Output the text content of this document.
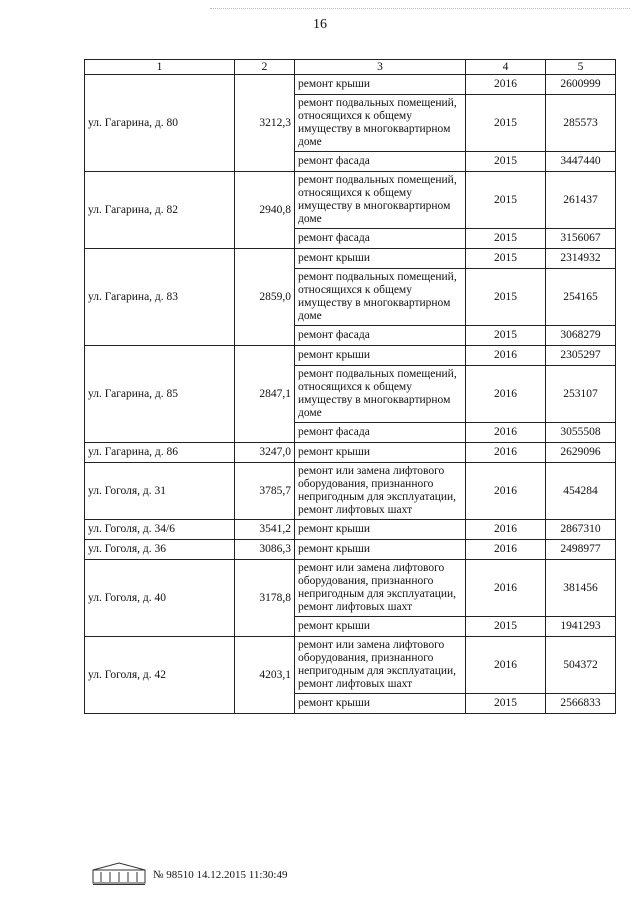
16
1	2	3	4	5
ул. Гагарина, д. 80	3212,3	ремонт крыши	2016	2600999
		ремонт подвальных помещений, относящихся к общему имуществу в многоквартирном доме	2015	285573
		ремонт фасада	2015	3447440
ул. Гагарина, д. 82	2940,8	ремонт подвальных помещений, относящихся к общему имуществу в многоквартирном доме	2015	261437
		ремонт фасада	2015	3156067
ул. Гагарина, д. 83	2859,0	ремонт крыши	2015	2314932
		ремонт подвальных помещений, относящихся к общему имуществу в многоквартирном доме	2015	254165
		ремонт фасада	2015	3068279
ул. Гагарина, д. 85	2847,1	ремонт крыши	2016	2305297
		ремонт подвальных помещений, относящихся к общему имуществу в многоквартирном доме	2016	253107
		ремонт фасада	2016	3055508
ул. Гагарина, д. 86	3247,0	ремонт крыши	2016	2629096
ул. Гоголя, д. 31	3785,7	ремонт или замена лифтового оборудования, признанного непригодным для эксплуатации, ремонт лифтовых шахт	2016	454284
ул. Гоголя, д. 34/6	3541,2	ремонт крыши	2016	2867310
ул. Гоголя, д. 36	3086,3	ремонт крыши	2016	2498977
ул. Гоголя, д. 40	3178,8	ремонт или замена лифтового оборудования, признанного непригодным для эксплуатации, ремонт лифтовых шахт	2016	381456
		ремонт крыши	2015	1941293
ул. Гоголя, д. 42	4203,1	ремонт или замена лифтового оборудования, признанного непригодным для эксплуатации, ремонт лифтовых шахт	2016	504372
		ремонт крыши	2015	2566833
№ 98510 14.12.2015 11:30:49
